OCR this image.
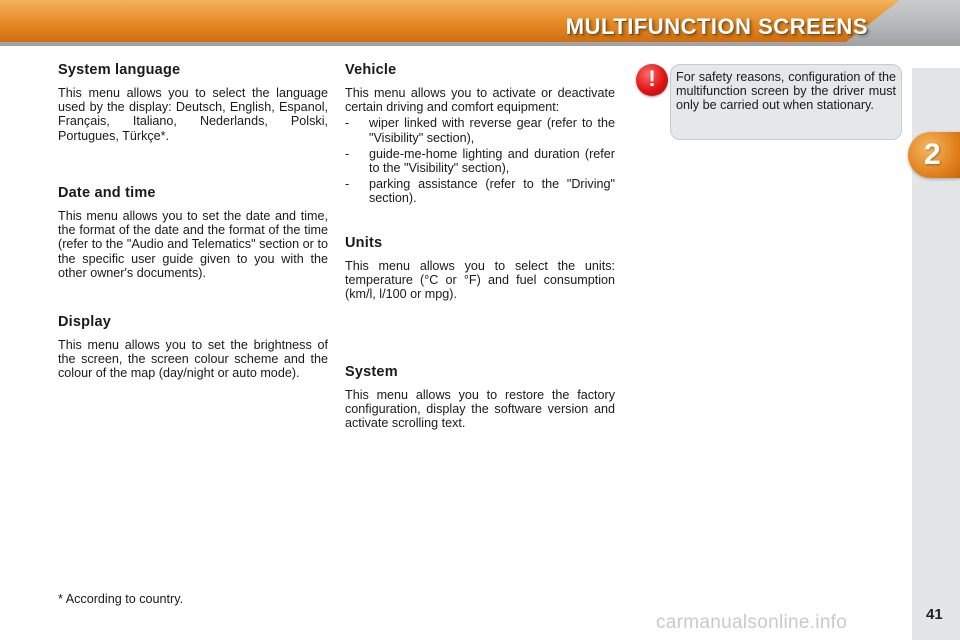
MULTIFUNCTION SCREENS
2
41
System language

This menu allows you to select the language used by the display: Deutsch, English, Espanol, Français, Italiano, Nederlands, Polski, Portugues, Türkçe*.

Date and time

This menu allows you to set the date and time, the format of the date and the format of the time (refer to the "Audio and Telematics" section or to the specific user guide given to you with the other owner's documents).

Display

This menu allows you to set the brightness of the screen, the screen colour scheme and the colour of the map (day/night or auto mode).

Vehicle

This menu allows you to activate or deactivate certain driving and comfort equipment:

- wiper linked with reverse gear (refer to the "Visibility" section),
- guide-me-home lighting and duration (refer to the "Visibility" section),
- parking assistance (refer to the "Driving" section).
Units

This menu allows you to select the units: temperature (°C or °F) and fuel consumption (km/l, l/100 or mpg).

System

This menu allows you to restore the factory configuration, display the software version and activate scrolling text.

!	For safety reasons, configuration of the multifunction screen by the driver must only be carried out when stationary.

* According to country.
carmanualsonline.info
